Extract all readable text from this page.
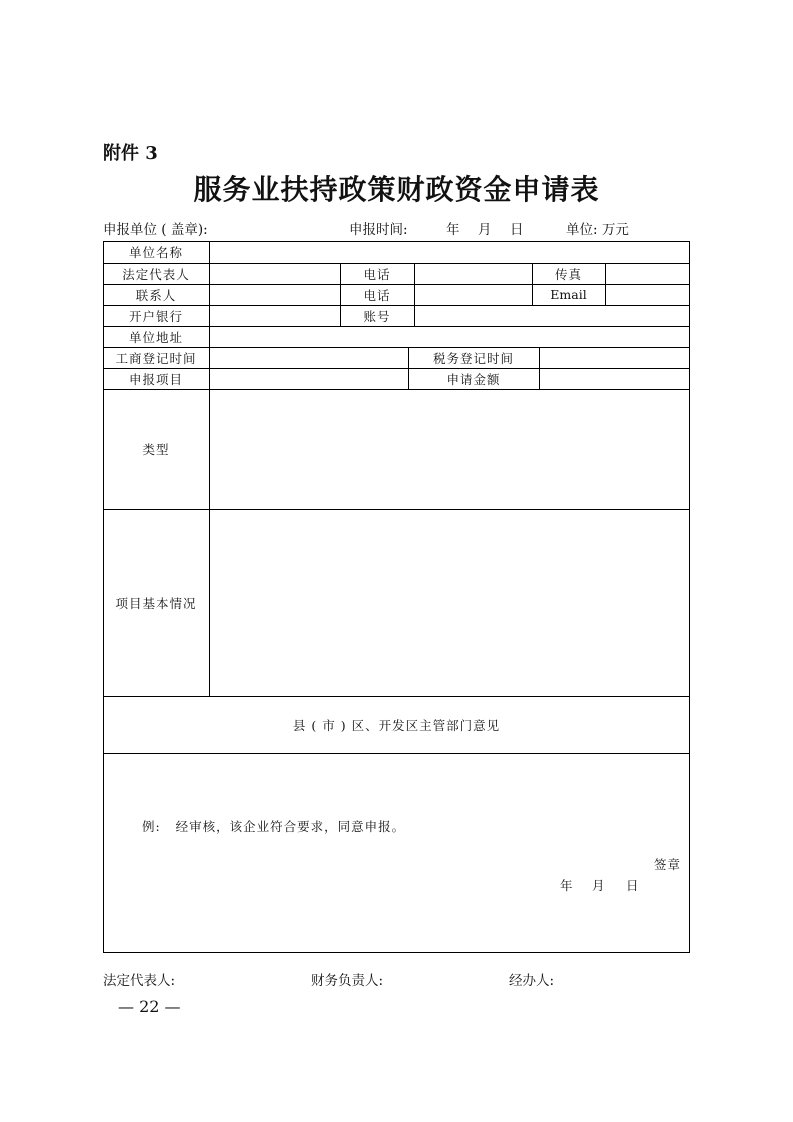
附件 3
服务业扶持政策财政资金申请表
申报单位 ( 盖章):	申报时间:	年 月 日	单位: 万元
单位名称
法定代表人	电话	传真
联系人	电话	Email
开户银行	账号
单位地址
工商登记时间	税务登记时间
申报项目	申请金额
类型
项目基本情况
县 ( 市 ) 区、开发区主管部门意见
例:   经审核，该企业符合要求，同意申报。
签章
年 月 日
法定代表人:	财务负责人:	经办人:
— 22 —
